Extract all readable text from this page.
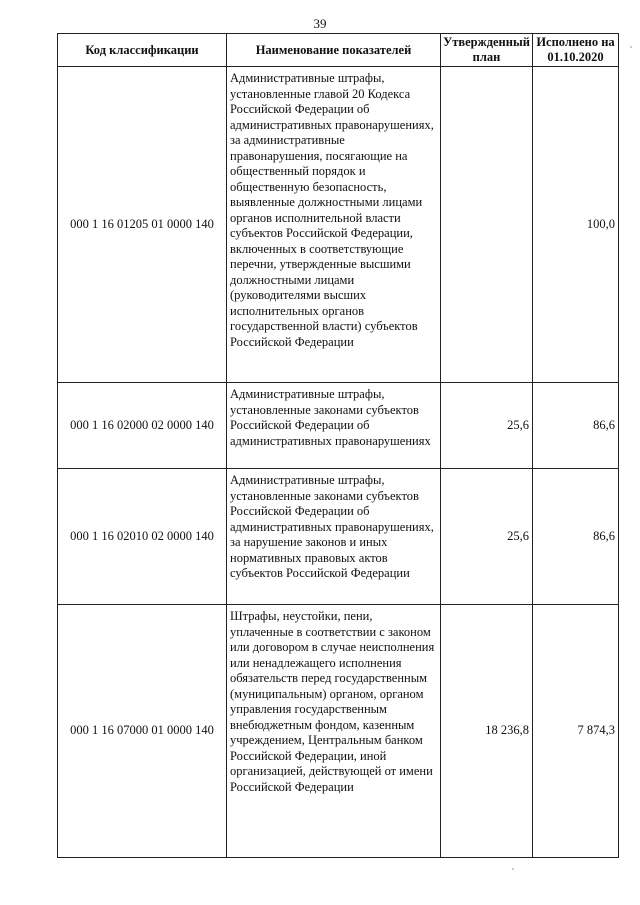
39
Код классификации	Наименование показателей	Утвержденный план	Исполнено на 01.10.2020
000 1 16 01205 01 0000 140	Административные штрафы, установленные главой 20 Кодекса Российской Федерации об административных правонарушениях, за административные правонарушения, посягающие на общественный порядок и общественную безопасность, выявленные должностными лицами органов исполнительной власти субъектов Российской Федерации, включенных в соответствующие перечни, утвержденные высшими должностными лицами (руководителями высших исполнительных органов государственной власти) субъектов Российской Федерации		100,0
000 1 16 02000 02 0000 140	Административные штрафы, установленные законами субъектов Российской Федерации об административных правонарушениях	25,6	86,6
000 1 16 02010 02 0000 140	Административные штрафы, установленные законами субъектов Российской Федерации об административных правонарушениях, за нарушение законов и иных нормативных правовых актов субъектов Российской Федерации	25,6	86,6
000 1 16 07000 01 0000 140	Штрафы, неустойки, пени, уплаченные в соответствии с законом или договором в случае неисполнения или ненадлежащего исполнения обязательств перед государственным (муниципальным) органом, органом управления государственным внебюджетным фондом, казенным учреждением, Центральным банком Российской Федерации, иной организацией, действующей от имени Российской Федерации	18 236,8	7 874,3
